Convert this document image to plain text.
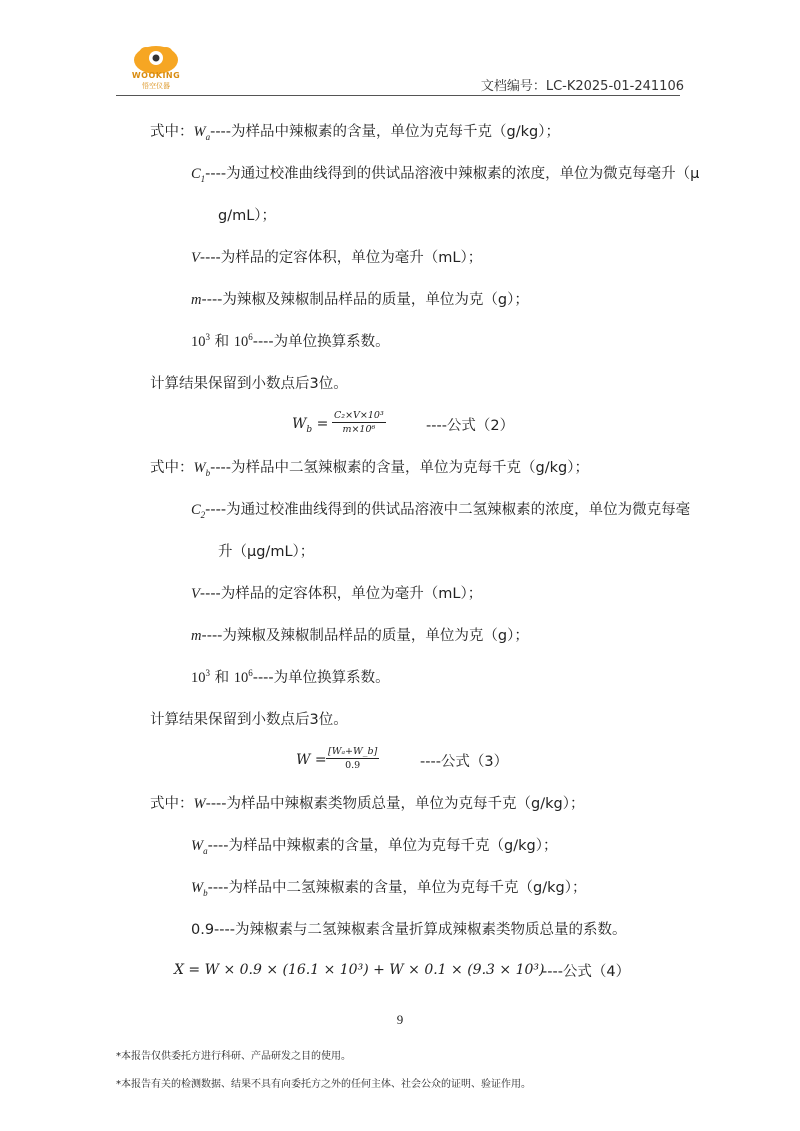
WOOKING
悟空仪器	文档编号：LC-K2025-01-241106
式中：$W_a----$为样品中辣椒素的含量，单位为克每千克（g/kg）；
$C_1----$为通过校准曲线得到的供试品溶液中辣椒素的浓度，单位为微克每毫升（μ
g/mL）；
V----为样品的定容体积，单位为毫升（mL）；
m----为辣椒及辣椒制品样品的质量，单位为克（g）；
$10^3$ 和 $10^6----$为单位换算系数。
计算结果保留到小数点后3位。
$W_b = \frac{\text{C₂×V×10³}}{\text{m×10⁶}}$	----公式（2）
式中：$W_b----$为样品中二氢辣椒素的含量，单位为克每千克（g/kg）；
$C_2----$为通过校准曲线得到的供试品溶液中二氢辣椒素的浓度，单位为微克每毫
升（μg/mL）；
V----为样品的定容体积，单位为毫升（mL）；
m----为辣椒及辣椒制品样品的质量，单位为克（g）；
$10^3$ 和 $10^6----$为单位换算系数。
计算结果保留到小数点后3位。
$W = \frac{\text{[Wₐ+W\_b]}}{0.9}$	----公式（3）
式中：W----为样品中辣椒素类物质总量，单位为克每千克（g/kg）；
$W_a----$为样品中辣椒素的含量，单位为克每千克（g/kg）；
$W_b----$为样品中二氢辣椒素的含量，单位为克每千克（g/kg）；
0.9----为辣椒素与二氢辣椒素含量折算成辣椒素类物质总量的系数。
X = W × 0.9 × (16.1 × 10³) + W × 0.1 × (9.3 × 10³)
----公式（4）
9
*本报告仅供委托方进行科研、产品研发之目的使用。
*本报告有关的检测数据、结果不具有向委托方之外的任何主体、社会公众的证明、验证作用。
